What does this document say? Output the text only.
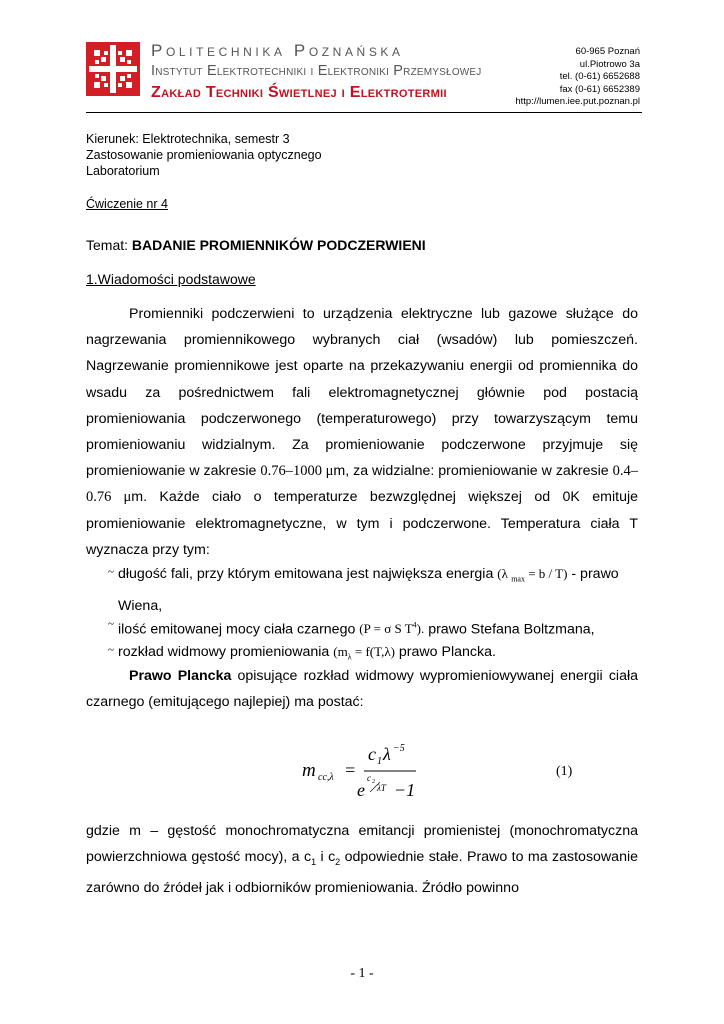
Politechnika Poznańska
Instytut Elektrotechniki i Elektroniki Przemysłowej
Zakład Techniki Świetlnej i Elektrotermii
60-965 Poznań
ul.Piotrowo 3a
tel. (0-61) 6652688
fax (0-61) 6652389
http://lumen.iee.put.poznan.pl
Kierunek: Elektrotechnika, semestr 3
Zastosowanie promieniowania optycznego
Laboratorium
Ćwiczenie nr 4
Temat: BADANIE PROMIENNIKÓW PODCZERWIENI
1.Wiadomości podstawowe

Promienniki podczerwieni to urządzenia elektryczne lub gazowe służące do nagrzewania promiennikowego wybranych ciał (wsadów) lub pomieszczeń. Nagrzewanie promiennikowe jest oparte na przekazywaniu energii od promiennika do wsadu za pośrednictwem fali elektromagnetycznej głównie pod postacią promieniowania podczerwonego (temperaturowego) przy towarzyszącym temu promieniowaniu widzialnym. Za promieniowanie podczerwone przyjmuje się promieniowanie w zakresie 0.76–1000 μm, za widzialne: promieniowanie w zakresie 0.4–0.76 μm. Każde ciało o temperaturze bezwzględnej większej od 0K emituje promieniowanie elektromagnetyczne, w tym i podczerwone. Temperatura ciała T wyznacza przy tym:

~ długość fali, przy którym emitowana jest największa energia (λ $_{max}$ = b / T) - prawo Wiena,
~ ilość emitowanej mocy ciała czarnego (P = σ S $T^4$). prawo Stefana Boltzmana,
~ rozkład widmowy promieniowania ($m_\lambda = f(T,\lambda)$ prawo Plancka.

Prawo Plancka opisujące rozkład widmowy wypromieniowywanej energii ciała czarnego (emitującego najlepiej) ma postać:

m cc,λ =
c 1 λ −5
e
c 2
λT −1
(1)

gdzie m – gęstość monochromatyczna emitancji promienistej (monochromatyczna powierzchniowa gęstość mocy), a $c_1$ i $c_2$ odpowiednie stałe. Prawo to ma zastosowanie zarówno do źródeł jak i odbiorników promieniowania. Źródło powinno

- 1 -
